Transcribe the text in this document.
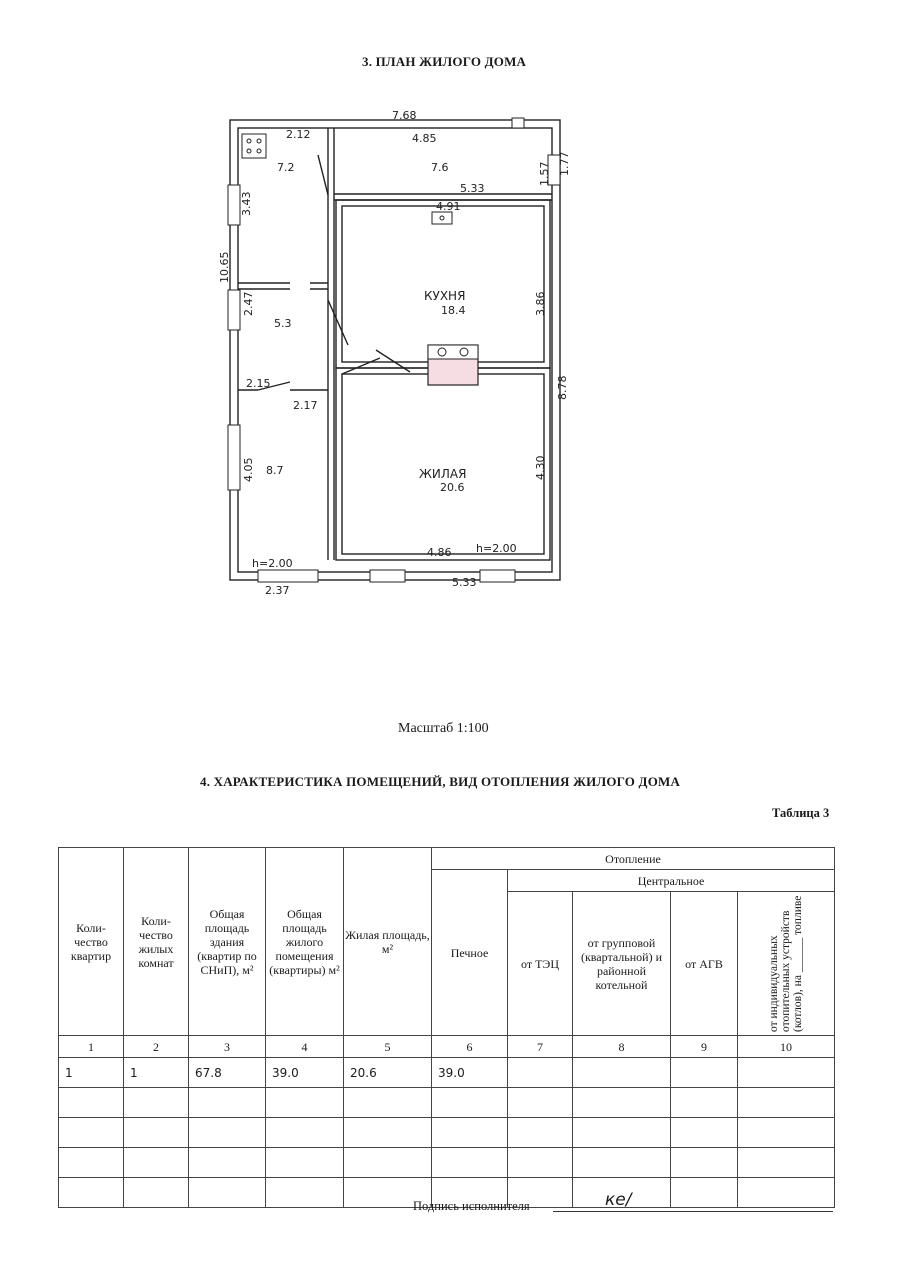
3. ПЛАН ЖИЛОГО ДОМА
7.68
10.65
8.78
1.77
2.37
5.33
2.12
3.43
7.2
4.85
7.6	1.57
5.33
2.47
5.3
2.15
2.17
4.05 8.7
h=2.00
КУХНЯ
18.4
4.91
3.86
ЖИЛАЯ
20.6
4.86
4.30
h=2.00
Масштаб 1:100
4. ХАРАКТЕРИСТИКА ПОМЕЩЕНИЙ, ВИД ОТОПЛЕНИЯ ЖИЛОГО ДОМА
Таблица 3
Коли-чество квартир	Коли-чество жилых комнат	Общая площадь здания (квартир по СНиП), м²	Общая площадь жилого помещения (квартиры) м²	Жилая площадь, м²	Отопление				
					Печное	Центральное			
						от ТЭЦ	от групповой (квартальной) и районной котельной	от АГВ	от индивидуальных отопительных устройств (котлов), на ______ топливе
1	2	3	4	5	6	7	8	9	10
1	1	67.8	39.0	20.6	39.0				

Подпись исполнителя	ке/
